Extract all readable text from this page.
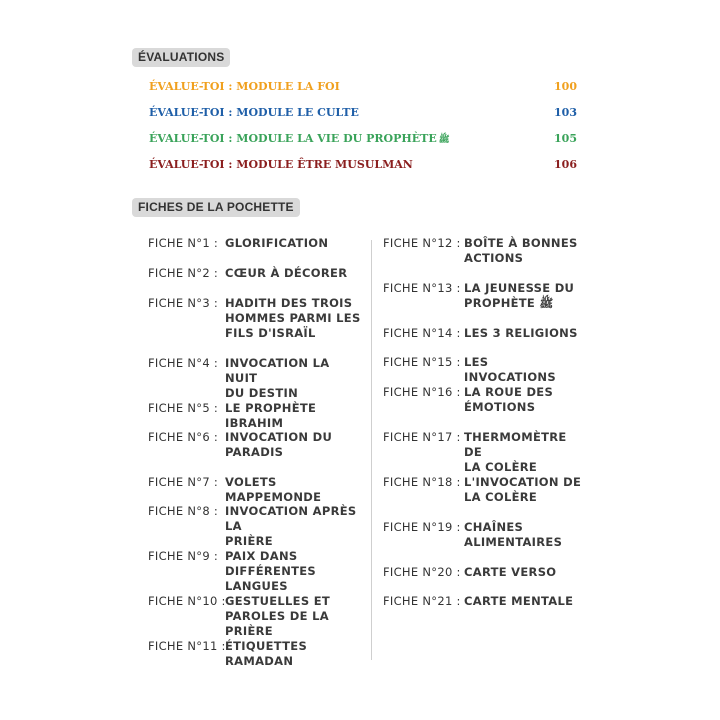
ÉVALUATIONS
ÉVALUE-TOI : MODULE LA FOI	100
ÉVALUE-TOI : MODULE LE CULTE	103
ÉVALUE-TOI : MODULE LA VIE DU PROPHÈTE ﷺ	105
ÉVALUE-TOI : MODULE ÊTRE MUSULMAN	106
FICHES DE LA POCHETTE
FICHE N°1 : GLORIFICATION
FICHE N°2 : CŒUR À DÉCORER
FICHE N°3 : HADITH DES TROIS
HOMMES PARMI LES
FILS D'ISRAÏL
FICHE N°4 : INVOCATION LA NUIT
DU DESTIN
FICHE N°5 : LE PROPHÈTE IBRAHIM
FICHE N°6 : INVOCATION DU
PARADIS
FICHE N°7 : VOLETS MAPPEMONDE
FICHE N°8 : INVOCATION APRÈS LA
PRIÈRE
FICHE N°9 : PAIX DANS
DIFFÉRENTES LANGUES
FICHE N°10 : GESTUELLES ET
PAROLES DE LA PRIÈRE
FICHE N°11 : ÉTIQUETTES RAMADAN
FICHE N°12 : BOÎTE À BONNES
ACTIONS
FICHE N°13 : LA JEUNESSE DU
PROPHÈTE ﷺ
FICHE N°14 : LES 3 RELIGIONS
FICHE N°15 : LES INVOCATIONS
FICHE N°16 : LA ROUE DES
ÉMOTIONS
FICHE N°17 : THERMOMÈTRE DE
LA COLÈRE
FICHE N°18 : L'INVOCATION DE
LA COLÈRE
FICHE N°19 : CHAÎNES
ALIMENTAIRES
FICHE N°20 : CARTE VERSO
FICHE N°21 : CARTE MENTALE
